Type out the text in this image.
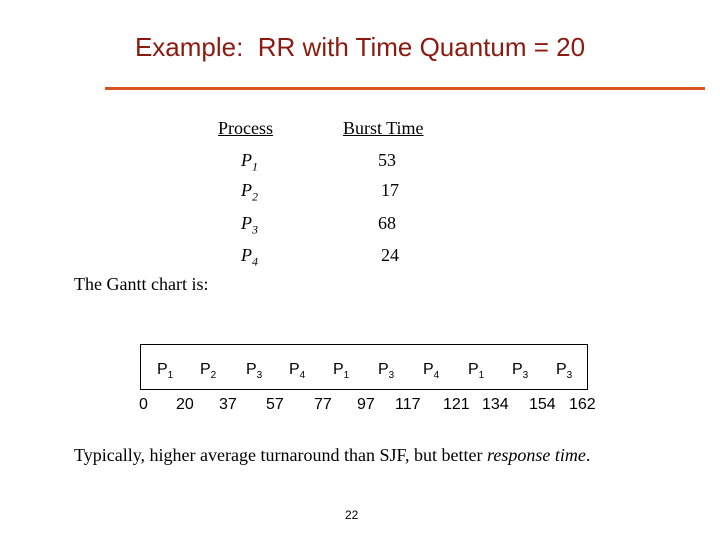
Example:  RR with Time Quantum = 20
Process	Burst Time
$P_1$	53
$P_2$	17
$P_3$	68
$P_4$	24
The Gantt chart is:
$P_1$ $P_2$ $P_3$ $P_4$ $P_1$ $P_3$ $P_4$ $P_1$ $P_3$ $P_3$
0 20 37 57 77 97 117 121 134 154 162
Typically, higher average turnaround than SJF, but better response time.
22
